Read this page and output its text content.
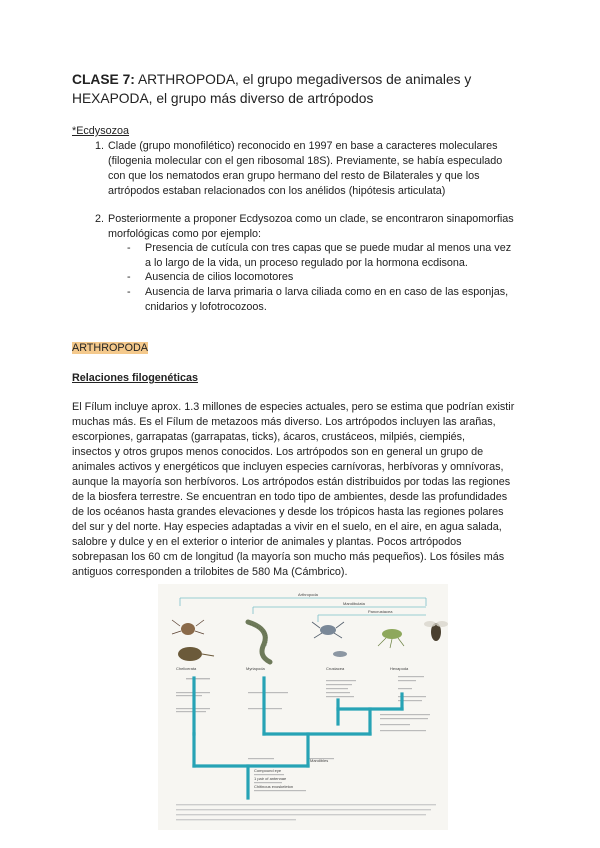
CLASE 7: ARTHROPODA, el grupo megadiversos de animales y
HEXAPODA, el grupo más diverso de artrópodos
*Ecdysozoa
1. Clade (grupo monofilético) reconocido en 1997 en base a caracteres moleculares
(filogenia molecular con el gen ribosomal 18S). Previamente, se había especulado
con que los nematodos eran grupo hermano del resto de Bilaterales y que los
artrópodos estaban relacionados con los anélidos (hipótesis articulata)
2. Posteriormente a proponer Ecdysozoa como un clade, se encontraron sinapomorfias
morfológicas como por ejemplo:
-	Presencia de cutícula con tres capas que se puede mudar al menos una vez
a lo largo de la vida, un proceso regulado por la hormona ecdisona.
-	Ausencia de cilios locomotores
-	Ausencia de larva primaria o larva ciliada como en en caso de las esponjas,
cnidarios y lofotrocozoos.
ARTHROPODA
Relaciones filogenéticas
El Fílum incluye aprox. 1.3 millones de especies actuales, pero se estima que podrían existir
muchas más. Es el Fílum de metazoos más diverso. Los artrópodos incluyen las arañas,
escorpiones, garrapatas (garrapatas, ticks), ácaros, crustáceos, milpiés, ciempiés,
insectos y otros grupos menos conocidos. Los artrópodos son en general un grupo de
animales activos y energéticos que incluyen especies carnívoras, herbívoras y omnívoras,
aunque la mayoría son herbívoros. Los artrópodos están distribuidos por todas las regiones
de la biosfera terrestre. Se encuentran en todo tipo de ambientes, desde las profundidades
de los océanos hasta grandes elevaciones y desde los trópicos hasta las regiones polares
del sur y del norte. Hay especies adaptadas a vivir en el suelo, en el aire, en agua salada,
salobre y dulce y en el exterior o interior de animales y plantas. Pocos artrópodos
sobrepasan los 60 cm de longitud (la mayoría son mucho más pequeños). Los fósiles más
antiguos corresponden a trilobites de 580 Ma (Cámbrico).
Arthropoda
Mandibulata
Pancrustacea
Chelicerata	Myriapoda	Crustacea	Hexapoda
Mandibles
Compound eye
1 pair of antennae
Chitinous exoskeleton
